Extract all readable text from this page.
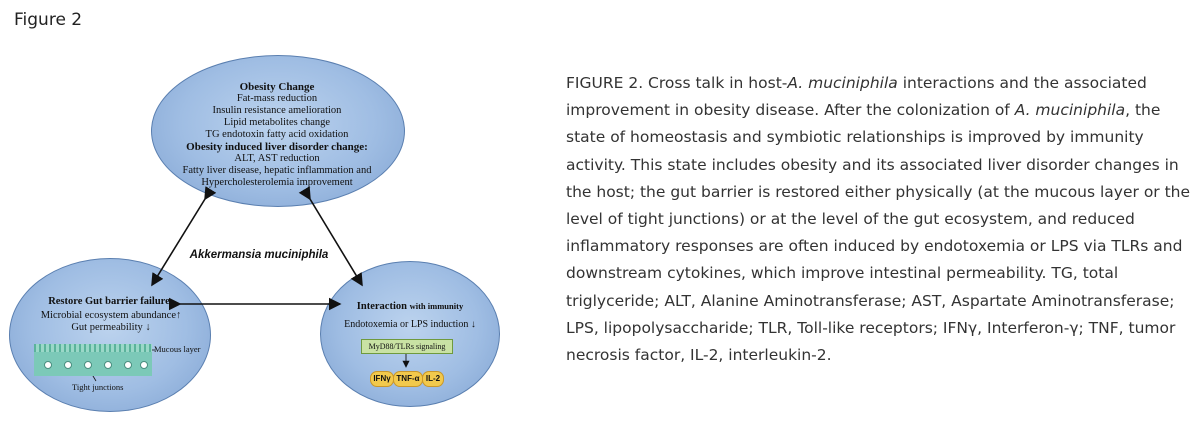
Figure 2
Obesity Change
Fat-mass reduction
Insulin resistance amelioration
Lipid metabolites change
TG endotoxin fatty acid oxidation
Obesity induced liver disorder change:
ALT, AST reduction
Fatty liver disease, hepatic inflammation and
Hypercholesterolemia improvement
Akkermansia muciniphila
Restore Gut barrier failure
Microbial ecosystem abundance↑
Gut permeability ↓
Mucous layer
Tight junctions
Interaction with immunity
Endotoxemia or LPS induction ↓
MyD88/TLRs signaling
IFNγ TNF-α IL-2
FIGURE 2. Cross talk in host-A. muciniphila interactions and the associated improvement in obesity disease. After the colonization of A. muciniphila, the state of homeostasis and symbiotic relationships is improved by immunity activity. This state includes obesity and its associated liver disorder changes in the host; the gut barrier is restored either physically (at the mucous layer or the level of tight junctions) or at the level of the gut ecosystem, and reduced inflammatory responses are often induced by endotoxemia or LPS via TLRs and downstream cytokines, which improve intestinal permeability. TG, total triglyceride; ALT, Alanine Aminotransferase; AST, Aspartate Aminotransferase; LPS, lipopolysaccharide; TLR, Toll-like receptors; IFNγ, Interferon-γ; TNF, tumor necrosis factor, IL-2, interleukin-2.
